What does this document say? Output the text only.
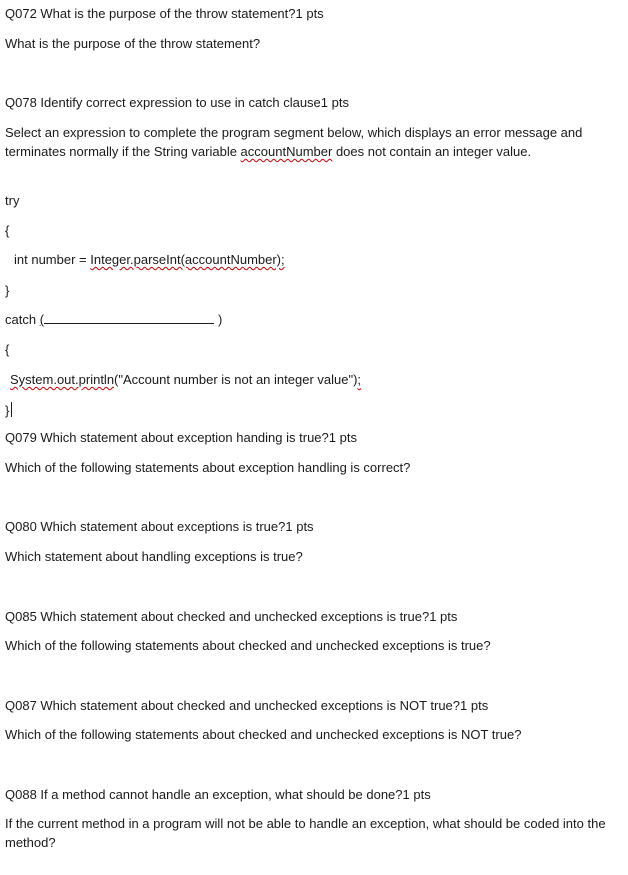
Q072 What is the purpose of the throw statement?1 pts
What is the purpose of the throw statement?
Q078 Identify correct expression to use in catch clause1 pts
Select an expression to complete the program segment below, which displays an error message and terminates normally if the String variable accountNumber does not contain an integer value.
try
{
int number = Integer.parseInt(accountNumber);
}
catch (	)
{
System.out.println("Account number is not an integer value");
}
Q079 Which statement about exception handing is true?1 pts
Which of the following statements about exception handling is correct?
Q080 Which statement about exceptions is true?1 pts
Which statement about handling exceptions is true?
Q085 Which statement about checked and unchecked exceptions is true?1 pts
Which of the following statements about checked and unchecked exceptions is true?
Q087 Which statement about checked and unchecked exceptions is NOT true?1 pts
Which of the following statements about checked and unchecked exceptions is NOT true?
Q088 If a method cannot handle an exception, what should be done?1 pts
If the current method in a program will not be able to handle an exception, what should be coded into the method?
